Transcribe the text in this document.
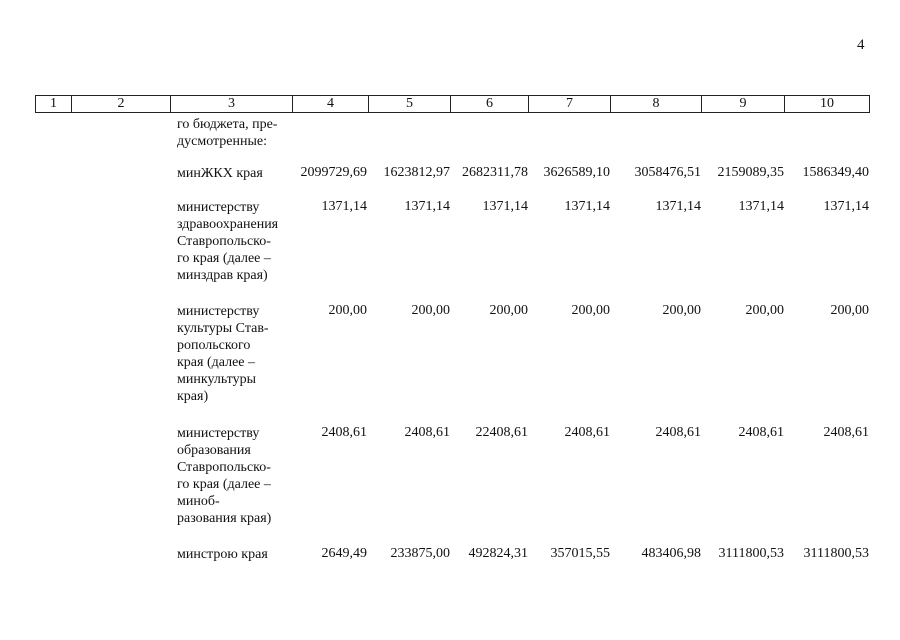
4
1	2	3	4	5	6	7	8	9	10
го бюджета, пре-
дусмотренные:
минЖКХ края	2099729,69 1623812,97 2682311,78 3626589,10 3058476,51 2159089,35 1586349,40
министерству
здравоохранения
Ставропольско-
го края (далее –
минздрав края)
1371,14	1371,14 1371,14	1371,14	1371,14	1371,14	1371,14
министерству
культуры Став-
ропольского
края (далее –
минкультуры
края)
200,00	200,00	200,00	200,00	200,00	200,00	200,00
министерству
образования
Ставропольско-
го края (далее –
миноб-
разования края)
2408,61	2408,61 22408,61	2408,61	2408,61	2408,61	2408,61
минстрою края	2649,49 233875,00 492824,31 357015,55 483406,98 3111800,53 3111800,53
